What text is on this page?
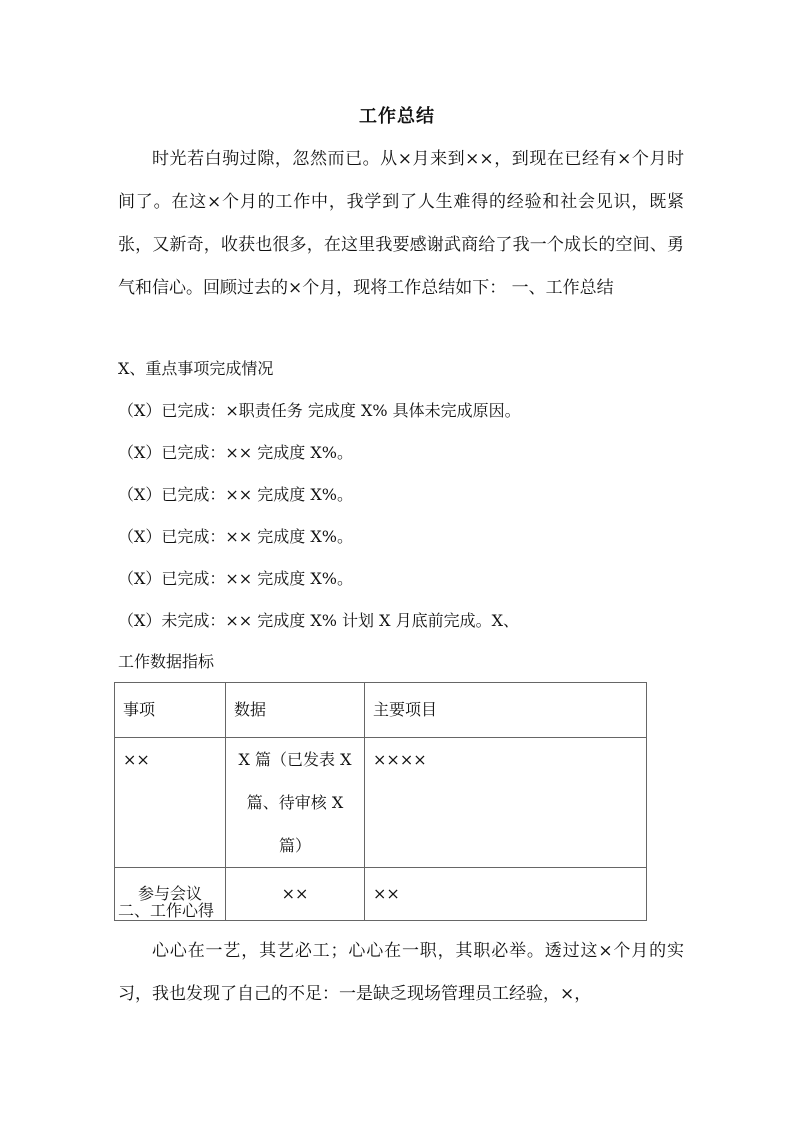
工作总结

时光若白驹过隙，忽然而已。从×月来到××，到现在已经有×个月时间了。在这×个月的工作中，我学到了人生难得的经验和社会见识，既紧张，又新奇，收获也很多，在这里我要感谢武商给了我一个成长的空间、勇气和信心。回顾过去的×个月，现将工作总结如下： 一、工作总结

X、重点事项完成情况
（X）已完成：×职责任务 完成度 X% 具体未完成原因。
（X）已完成：×× 完成度 X%。
（X）已完成：×× 完成度 X%。
（X）已完成：×× 完成度 X%。
（X）已完成：×× 完成度 X%。
（X）未完成：×× 完成度 X% 计划 X 月底前完成。X、
工作数据指标
事项	数据	主要项目
××	X 篇（已发表 X 篇、待审核 X 篇）	××××
参与会议	××	××
二、工作心得

心心在一艺，其艺必工；心心在一职，其职必举。透过这×个月的实习，我也发现了自己的不足：一是缺乏现场管理员工经验，×，
